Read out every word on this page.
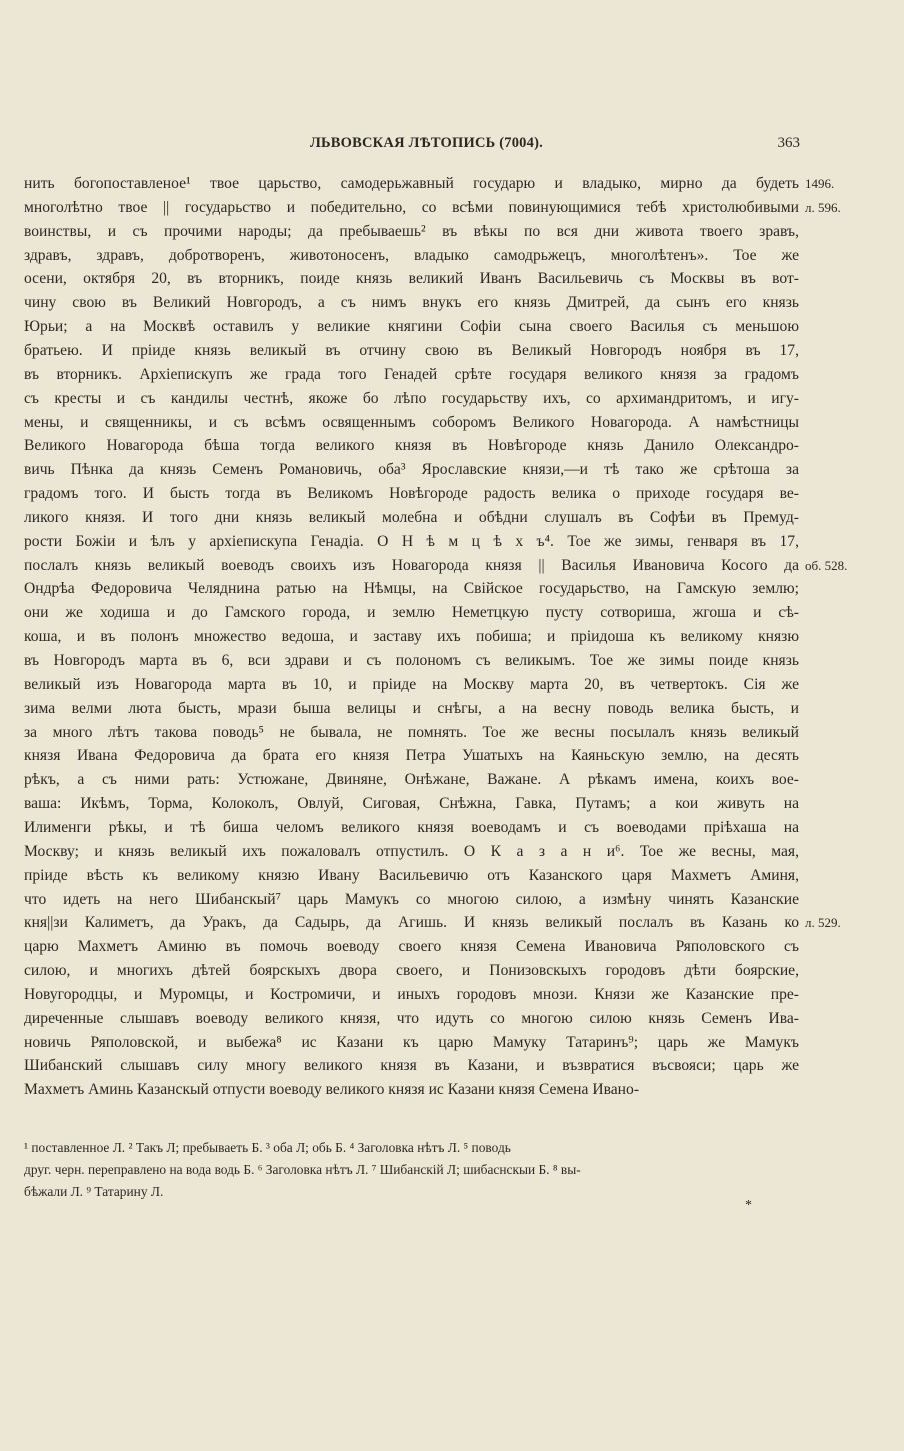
ЛЬВОВСКАЯ ЛѢТОПИСЬ (7004).	363
нить богопоставленое¹ твое царьство, самодерьжавный государю и владыко, мирно да будеть
многолѣтно твое || государьство и победительно, со всѣми повинующимися тебѣ христолюбивыми
воинствы, и съ прочими народы; да пребываешь² въ вѣкы по вся дни живота твоего зравъ,
здравъ, здравъ, добротворенъ, животоносенъ, владыко самодрьжецъ, многолѣтенъ». Тое же
осени, октября 20, въ вторникъ, поиде князь великий Иванъ Васильевичь съ Москвы въ вот-
чину свою въ Великий Новгородъ, а съ нимъ внукъ его князь Дмитрей, да сынъ его князь
Юрьи; а на Москвѣ оставилъ у великие княгини Софіи сына своего Василья съ меньшою
братьею. И пріиде князь великый въ отчину свою въ Великый Новгородъ ноября въ 17,
въ вторникъ. Архіепискупъ же града того Генадей срѣте государя великого князя за градомъ
съ кресты и съ кандилы честнѣ, якоже бо лѣпо государьству ихъ, со архимандритомъ, и игу-
мены, и священникы, и съ всѣмъ освященнымъ соборомъ Великого Новагорода. А намѣстницы
Великого Новагорода бѣша тогда великого князя въ Новѣгороде князь Данило Олександро-
вичь Пѣнка да князь Семенъ Романовичь, оба³ Ярославские князи,—и тѣ тако же срѣтоша за
градомъ того. И бысть тогда въ Великомъ Новѣгороде радость велика о приходе государя ве-
ликого князя. И того дни князь великый молебна и обѣдни слушалъ въ Софѣи въ Премуд-
рости Божіи и ѣлъ у архіепискупа Генадіа. О Н ѣ м ц ѣ х ъ⁴. Тое же зимы, генваря въ 17,
послалъ князь великый воеводъ своихъ изъ Новагорода князя || Василья Ивановича Косого да
Ондрѣа Федоровича Челяднина ратью на Нѣмцы, на Свійское государьство, на Гамскую землю;
они же ходиша и до Гамского города, и землю Неметцкую пусту сотвориша, жгоша и сѣ-
коша, и въ полонъ множество ведоша, и заставу ихъ побиша; и пріидоша къ великому князю
въ Новгородъ марта въ 6, вси здрави и съ полономъ съ великымъ. Тое же зимы поиде князь
великый изъ Новагорода марта въ 10, и пріиде на Москву марта 20, въ четвертокъ. Сія же
зима велми люта бысть, мрази быша велицы и снѣгы, а на весну поводь велика бысть, и
за много лѣтъ такова поводь⁵ не бывала, не помнять. Тое же весны посылалъ князь великый
князя Ивана Федоровича да брата его князя Петра Ушатыхъ на Каяньскую землю, на десять
рѣкъ, а съ ними рать: Устюжане, Двиняне, Онѣжане, Важане. А рѣкамъ имена, коихъ вое-
ваша: Икѣмъ, Торма, Колоколъ, Овлуй, Сиговая, Снѣжна, Гавка, Путамъ; а кои живуть на
Илименги рѣкы, и тѣ биша челомъ великого князя воеводамъ и съ воеводами пріѣхаша на
Москву; и князь великый ихъ пожаловалъ отпустилъ. О К а з а н и⁶. Тое же весны, мая,
пріиде вѣсть къ великому князю Ивану Васильевичю отъ Казанского царя Махметъ Аминя,
что идеть на него Шибанскый⁷ царь Мамукъ со многою силою, а измѣну чинять Казанские
кня||зи Калиметъ, да Уракъ, да Садырь, да Агишь. И князь великый послалъ въ Казань ко
царю Махметъ Аминю въ помочь воеводу своего князя Семена Ивановича Ряполовского съ
силою, и многихъ дѣтей боярскыхъ двора своего, и Понизовскыхъ городовъ дѣти боярские,
Новугородцы, и Муромцы, и Костромичи, и иныхъ городовъ мнози. Князи же Казанские пре-
диреченные слышавъ воеводу великого князя, что идуть со многою силою князь Семенъ Ива-
новичь Ряполовской, и выбежа⁸ ис Казани къ царю Мамуку Татаринъ⁹; царь же Мамукъ
Шибанский слышавъ силу многу великого князя въ Казани, и възвратися въсвояси; царь же
Махметъ Аминь Казанскый отпусти воеводу великого князя ис Казани князя Семена Ивано-
1496.
л. 596.
об. 528.
л. 529.
¹ поставленное Л. ² Такъ Л; пребываеть Б. ³ оба Л; обь Б. ⁴ Заголовка нѣтъ Л. ⁵ поводь
друг. черн. переправлено на вода водь Б. ⁶ Заголовка нѣтъ Л. ⁷ Шибанскій Л; шибаснскыи Б. ⁸ вы-
бѣжали Л. ⁹ Татарину Л.
*
